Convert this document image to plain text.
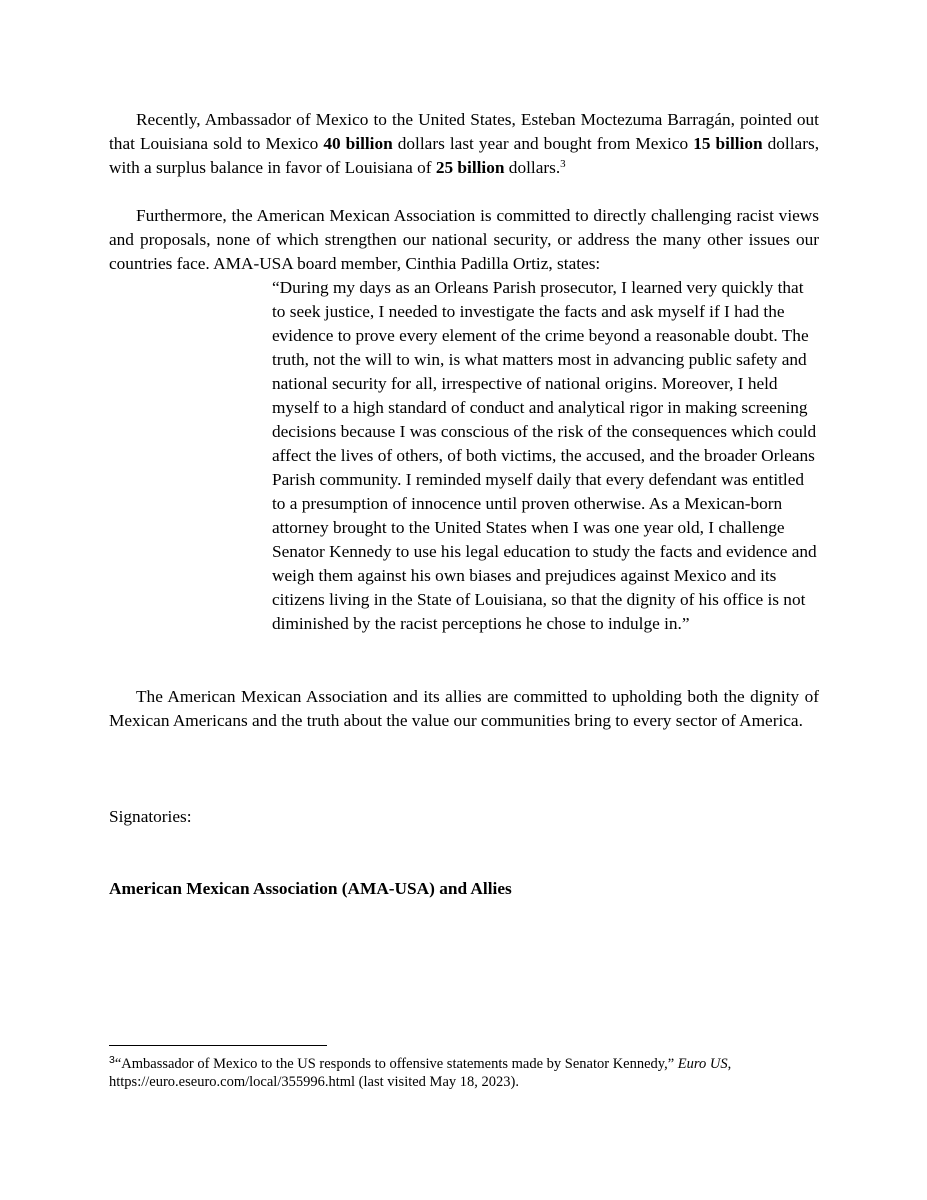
Recently, Ambassador of Mexico to the United States, Esteban Moctezuma Barragán, pointed out that Louisiana sold to Mexico 40 billion dollars last year and bought from Mexico 15 billion dollars, with a surplus balance in favor of Louisiana of 25 billion dollars.$^3$

Furthermore, the American Mexican Association is committed to directly challenging racist views and proposals, none of which strengthen our national security, or address the many other issues our countries face. AMA-USA board member, Cinthia Padilla Ortiz, states:

“During my days as an Orleans Parish prosecutor, I learned very quickly that to seek justice, I needed to investigate the facts and ask myself if I had the evidence to prove every element of the crime beyond a reasonable doubt. The truth, not the will to win, is what matters most in advancing public safety and national security for all, irrespective of national origins. Moreover, I held myself to a high standard of conduct and analytical rigor in making screening decisions because I was conscious of the risk of the consequences which could affect the lives of others, of both victims, the accused, and the broader Orleans Parish community. I reminded myself daily that every defendant was entitled to a presumption of innocence until proven otherwise. As a Mexican-born attorney brought to the United States when I was one year old, I challenge Senator Kennedy to use his legal education to study the facts and evidence and weigh them against his own biases and prejudices against Mexico and its citizens living in the State of Louisiana, so that the dignity of his office is not diminished by the racist perceptions he chose to indulge in.”

The American Mexican Association and its allies are committed to upholding both the dignity of Mexican Americans and the truth about the value our communities bring to every sector of America.

Signatories:

American Mexican Association (AMA-USA) and Allies

$^3$“Ambassador of Mexico to the US responds to offensive statements made by Senator Kennedy,” Euro US, https://euro.eseuro.com/local/355996.html (last visited May 18, 2023).
